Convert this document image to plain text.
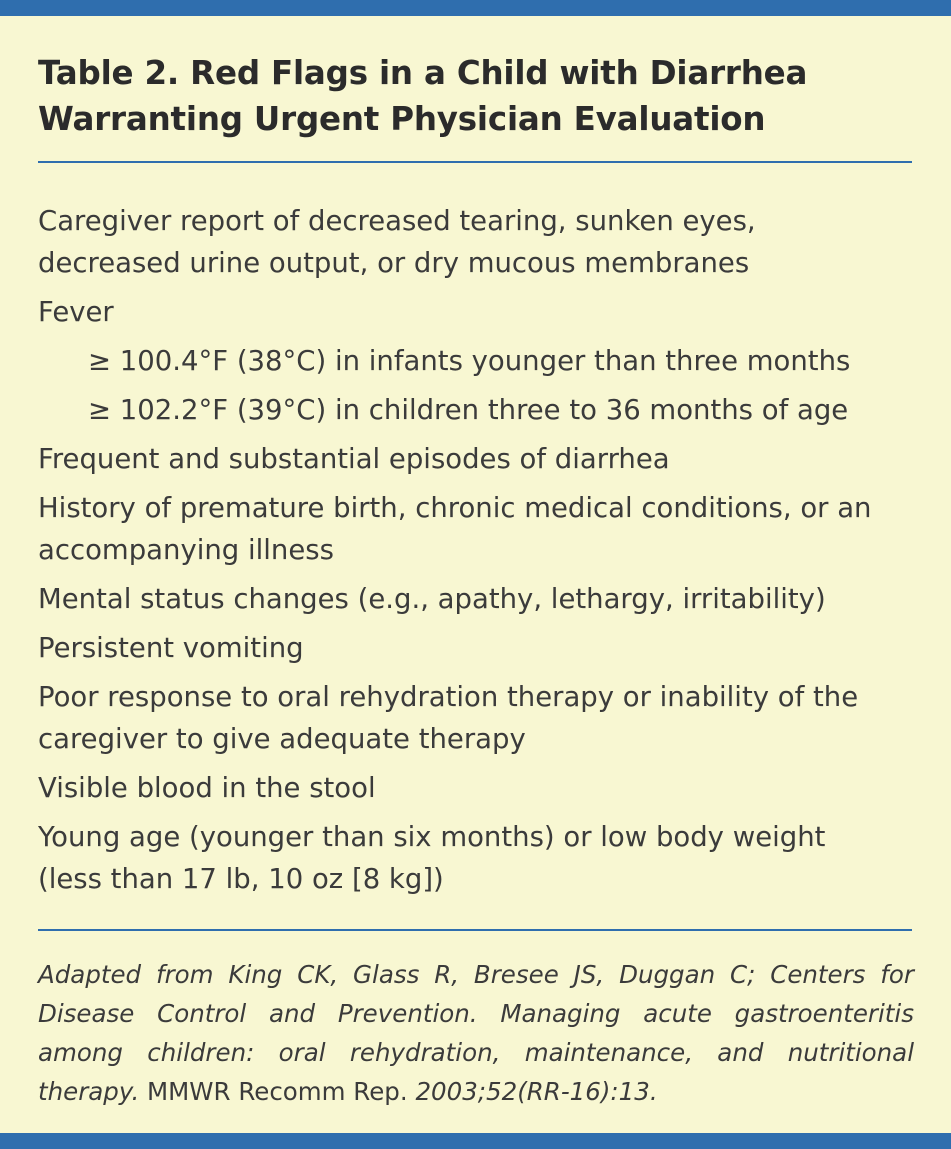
Table 2. Red Flags in a Child with Diarrhea
Warranting Urgent Physician Evaluation
Caregiver report of decreased tearing, sunken eyes,
decreased urine output, or dry mucous membranes
Fever
≥ 100.4°F (38°C) in infants younger than three months
≥ 102.2°F (39°C) in children three to 36 months of age
Frequent and substantial episodes of diarrhea
History of premature birth, chronic medical conditions, or an
accompanying illness
Mental status changes (e.g., apathy, lethargy, irritability)
Persistent vomiting
Poor response to oral rehydration therapy or inability of the
caregiver to give adequate therapy
Visible blood in the stool
Young age (younger than six months) or low body weight
(less than 17 lb, 10 oz [8 kg])

Adapted from King CK, Glass R, Bresee JS, Duggan C; Centers for Disease Control and Prevention. Managing acute gastroenteritis among children: oral rehydration, maintenance, and nutritional therapy. MMWR Recomm Rep. 2003;52(RR-16):13.
